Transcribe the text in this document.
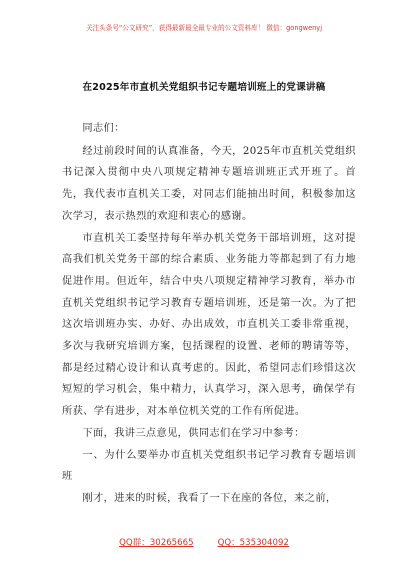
关注头条号“公文研究”，获得最新最全最专业的公文资料库！ 微信：gongwenyj
在2025年市直机关党组织书记专题培训班上的党课讲稿

同志们：

经过前段时间的认真准备，今天，2025年市直机关党组织书记深入贯彻中央八项规定精神专题培训班正式开班了。首先，我代表市直机关工委，对同志们能抽出时间，积极参加这次学习，表示热烈的欢迎和衷心的感谢。

市直机关工委坚持每年举办机关党务干部培训班，这对提高我们机关党务干部的综合素质、业务能力等都起到了有力地促进作用。但近年，结合中央八项规定精神学习教育，举办市直机关党组织书记学习教育专题培训班，还是第一次。为了把这次培训班办实、办好、办出成效，市直机关工委非常重视，多次与我研究培训方案，包括课程的设置、老师的聘请等等，都是经过精心设计和认真考虑的。因此，希望同志们珍惜这次短短的学习机会，集中精力，认真学习，深入思考，确保学有所获、学有进步，对本单位机关党的工作有所促进。

下面，我讲三点意见，供同志们在学习中参考：

一、为什么要举办市直机关党组织书记学习教育专题培训班

刚才，进来的时候，我看了一下在座的各位，来之前，

QQ群：30265665	QQ：535304092
